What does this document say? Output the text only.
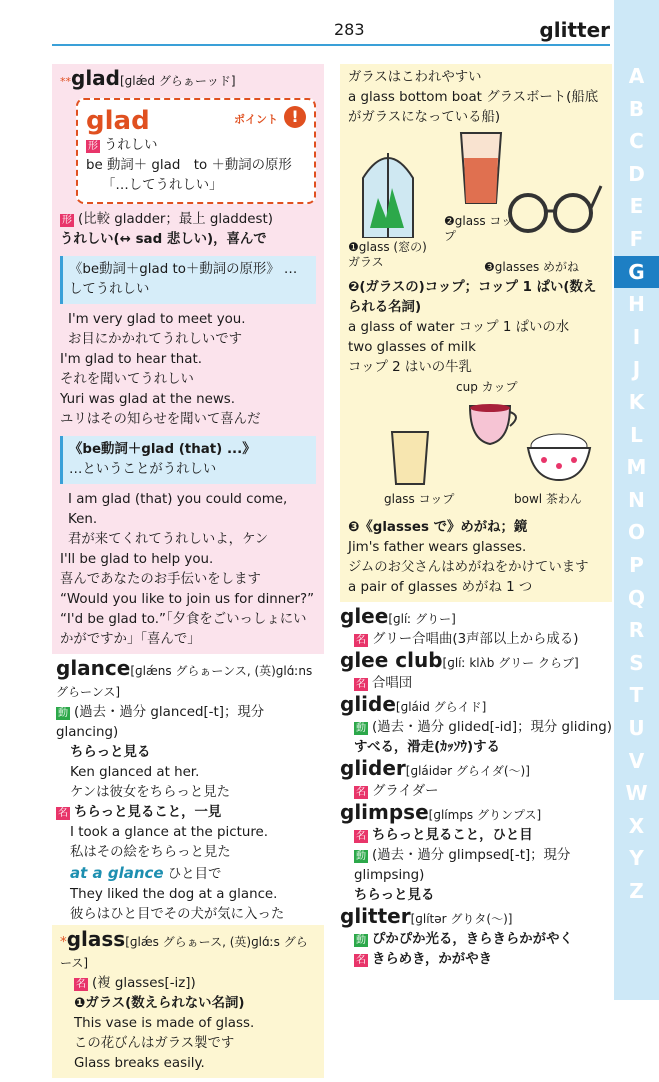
283	glitter
A
B
C
D
E
F
G
H
I
J
K
L
M
N
O
P
Q
R
S
T
U
V
W
X
Y
Z
**glad[ɡlǽd グらぁーッド]
glad	ポイント !
形 うれしい
be 動詞＋ glad　to ＋動詞の原形
「…してうれしい」
形 (比較 gladder；最上 gladdest)
うれしい(↔ sad 悲しい)，喜んで
《be動詞＋glad to＋動詞の原形》 …してうれしい
I'm very glad to meet you.
お目にかかれてうれしいです
I'm glad to hear that.
それを聞いてうれしい
Yuri was glad at the news.
ユリはその知らせを聞いて喜んだ
《be動詞＋glad (that) ...》
…ということがうれしい
I am glad (that) you could come, Ken.
君が来てくれてうれしいよ，ケン
I'll be glad to help you.
喜んであなたのお手伝いをします
“Would you like to join us for dinner?” “I'd be glad to.”「夕食をごいっしょにいかがですか」「喜んで」
glance[ɡlǽns グらぁーンス, (英)ɡlɑ́ːns グらーンス]
動 (過去・過分 glanced[-t]；現分 glancing)
ちらっと見る
Ken glanced at her.
ケンは彼女をちらっと見た
名 ちらっと見ること，一見
I took a glance at the picture.
私はその絵をちらっと見た
at a glance ひと目で
They liked the dog at a glance.
彼らはひと目でその犬が気に入った
*glass[ɡlǽs グらぁース, (英)ɡlɑ́ːs グらース]
名 (複 glasses[-iz])
❶ガラス(数えられない名詞)
This vase is made of glass.
この花びんはガラス製です
Glass breaks easily.
ガラスはこわれやすい
a glass bottom boat グラスボート(船底がガラスになっている船)
❶glass (窓の)ガラス
❷glass コップ
❸glasses めがね
❷(ガラスの)コップ；コップ 1 ぱい(数えられる名詞)
a glass of water コップ 1 ぱいの水
two glasses of milk
コップ 2 はいの牛乳
cup カップ
glass コップ	bowl 茶わん
❸《glasses で》めがね；鏡
Jim's father wears glasses.
ジムのお父さんはめがねをかけています
a pair of glasses めがね 1 つ
glee[ɡlíː グりー]
名 グリー合唱曲(3声部以上から成る)
glee club[ɡlíː klʌ̀b グリー クらブ]
名 合唱団
glide[ɡláid グらイド]
動 (過去・過分 glided[-id]；現分 gliding)
すべる，滑走(ｶｯｿｳ)する
glider[ɡláidər グらイダ(～)]
名 グライダー
glimpse[ɡlímps グりンプス]
名 ちらっと見ること，ひと目
動 (過去・過分 glimpsed[-t]；現分 glimpsing)
ちらっと見る
glitter[ɡlítər グりタ(～)]
動 ぴかぴか光る，きらきらかがやく
名 きらめき，かがやき
